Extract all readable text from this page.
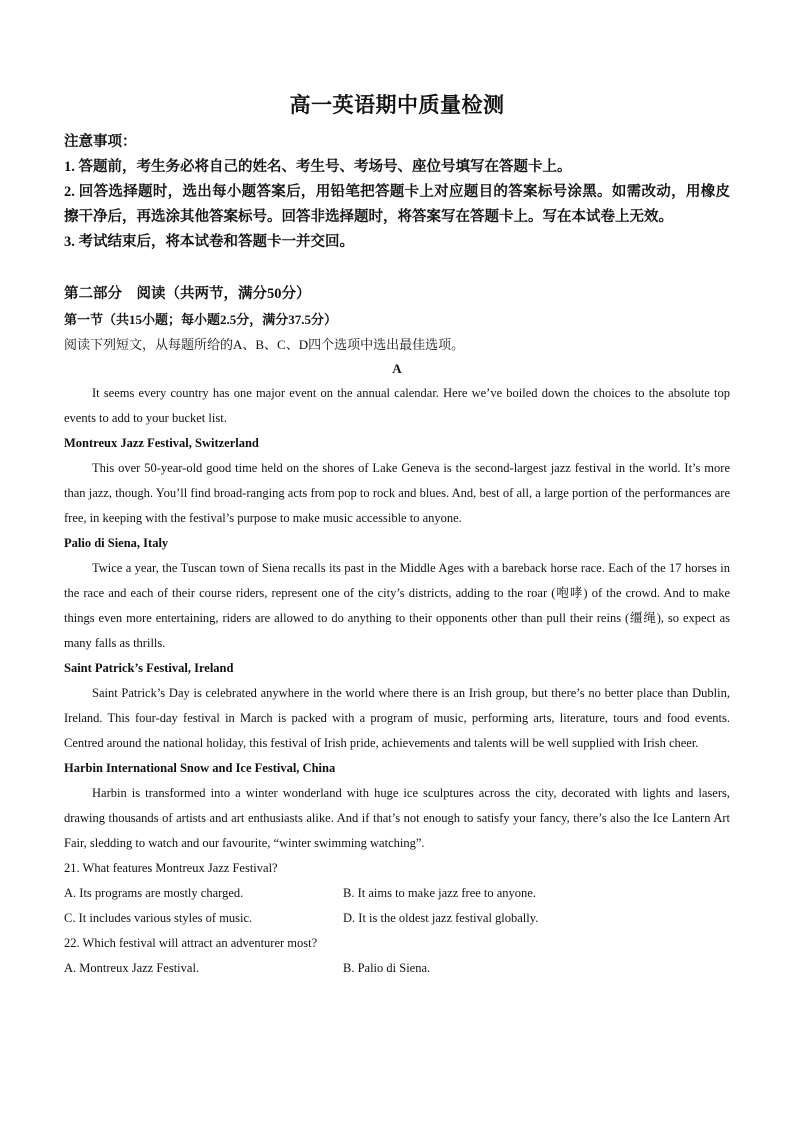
高一英语期中质量检测
注意事项：
1. 答题前，考生务必将自己的姓名、考生号、考场号、座位号填写在答题卡上。
2. 回答选择题时，选出每小题答案后，用铅笔把答题卡上对应题目的答案标号涂黑。如需改动，用橡皮擦干净后，再选涂其他答案标号。回答非选择题时，将答案写在答题卡上。写在本试卷上无效。
3. 考试结束后，将本试卷和答题卡一并交回。
第二部分　阅读（共两节，满分50分）
第一节（共15小题；每小题2.5分，满分37.5分）
阅读下列短文，从每题所给的A、B、C、D四个选项中选出最佳选项。
A

It seems every country has one major event on the annual calendar. Here we’ve boiled down the choices to the absolute top events to add to your bucket list.

Montreux Jazz Festival, Switzerland

This over 50-year-old good time held on the shores of Lake Geneva is the second-largest jazz festival in the world. It’s more than jazz, though. You’ll find broad-ranging acts from pop to rock and blues. And, best of all, a large portion of the performances are free, in keeping with the festival’s purpose to make music accessible to anyone.

Palio di Siena, Italy

Twice a year, the Tuscan town of Siena recalls its past in the Middle Ages with a bareback horse race. Each of the 17 horses in the race and each of their course riders, represent one of the city’s districts, adding to the roar (咆哮) of the crowd. And to make things even more entertaining, riders are allowed to do anything to their opponents other than pull their reins (缰绳), so expect as many falls as thrills.

Saint Patrick’s Festival, Ireland

Saint Patrick’s Day is celebrated anywhere in the world where there is an Irish group, but there’s no better place than Dublin, Ireland. This four-day festival in March is packed with a program of music, performing arts, literature, tours and food events. Centred around the national holiday, this festival of Irish pride, achievements and talents will be well supplied with Irish cheer.

Harbin International Snow and Ice Festival, China

Harbin is transformed into a winter wonderland with huge ice sculptures across the city, decorated with lights and lasers, drawing thousands of artists and art enthusiasts alike. And if that’s not enough to satisfy your fancy, there’s also the Ice Lantern Art Fair, sledding to watch and our favourite, “winter swimming watching”.

21. What features Montreux Jazz Festival?
A. Its programs are mostly charged.	B. It aims to make jazz free to anyone.
C. It includes various styles of music.	D. It is the oldest jazz festival globally.
22. Which festival will attract an adventurer most?
A. Montreux Jazz Festival.	B. Palio di Siena.
